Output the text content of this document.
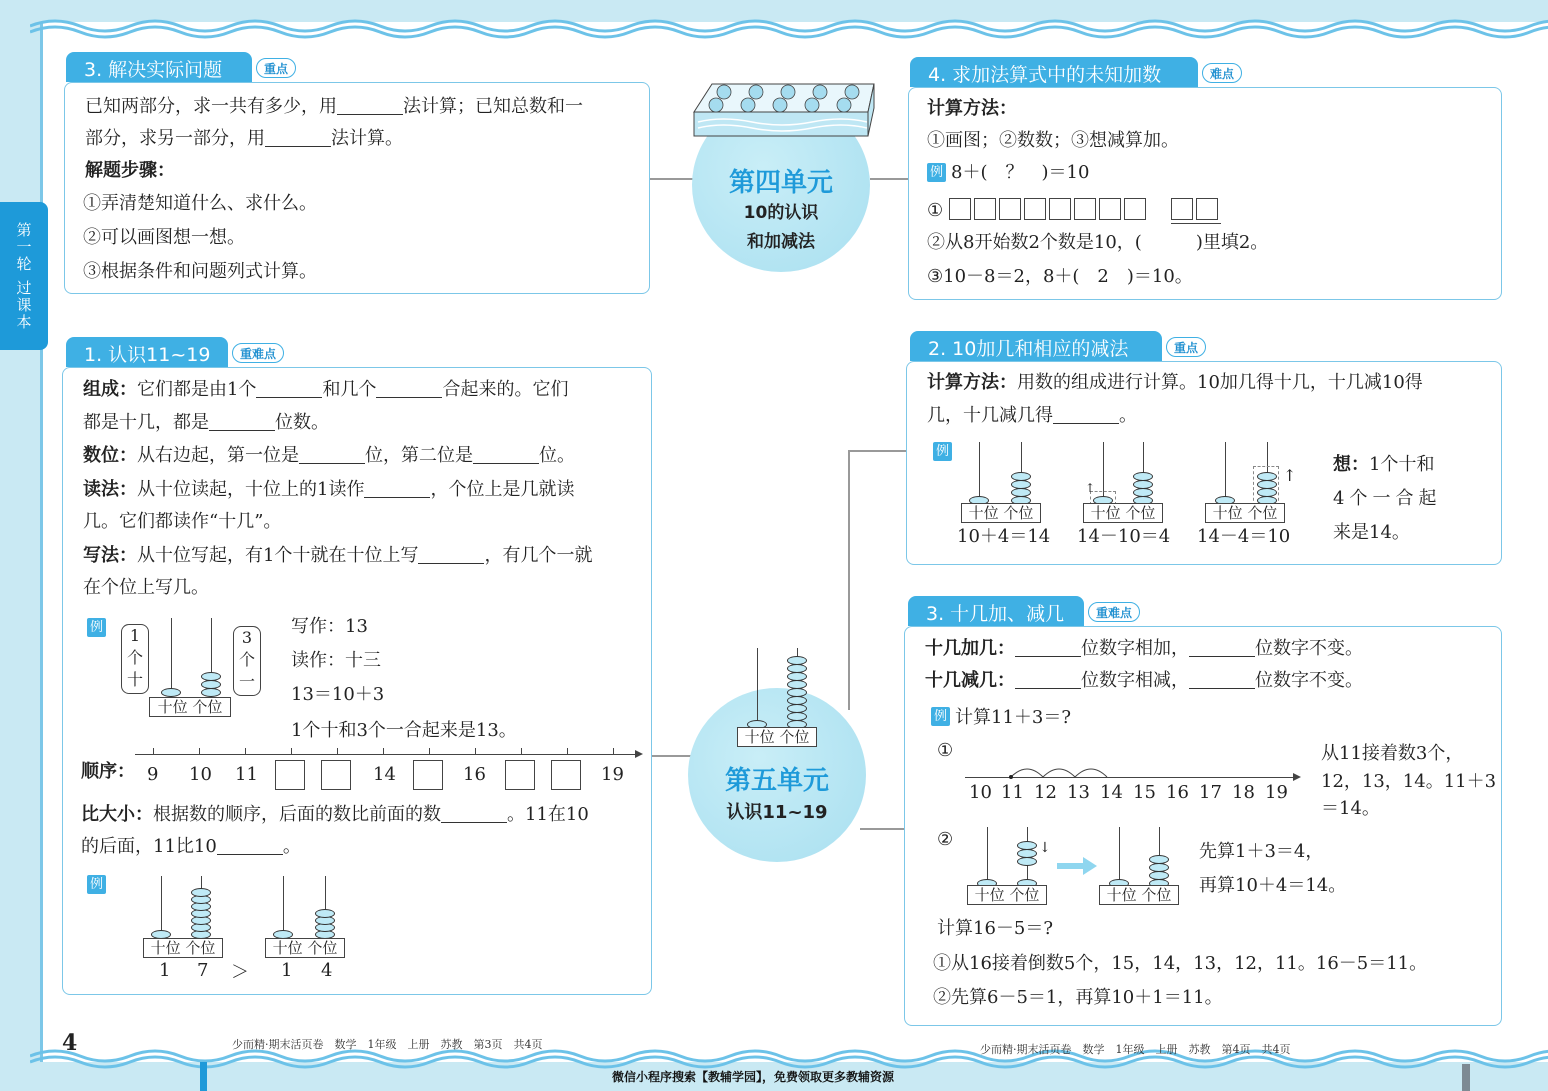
第一轮 过课本
3. 解决实际问题	重点
已知两部分，求一共有多少，用	法计算；已知总数和一
部分，求另一部分，用	法计算。
解题步骤：
①弄清楚知道什么、求什么。
②可以画图想一想。
③根据条件和问题列式计算。
1. 认识11~19	重难点
组成：它们都是由1个	和几个	合起来的。它们
都是十几，都是	位数。
数位：从右边起，第一位是	位，第二位是	位。
读法：从十位读起，十位上的1读作	，个位上是几就读
几。它们都读作“十几”。
写法：从十位写起，有1个十就在十位上写	，有几个一就
在个位上写几。
例	1
个
十
3
个
一
十位 个位
写作：13
读作：十三
13＝10＋3
1个十和3个一合起来是13。
顺序： 9 10 11	14	16	19
比大小：根据数的顺序，后面的数比前面的数	。11在10
的后面，11比10	。
例
十位 个位	十位 个位
1 7 ＞ 1 4
第四单元
10的认识
和加减法
十位 个位
第五单元
认识11~19
4. 求加法算式中的未知加数	难点
计算方法：
①画图；②数数；③想减算加。
例 8＋(　？　)＝10
①
②从8开始数2个数是10，(　　　)里填2。
③10－8＝2，8＋(　2　)＝10。
2. 10加几和相应的减法	重点
计算方法：用数的组成进行计算。10加几得十几，十几减10得
几，十几减几得	。
例
十位 个位
10＋4＝14
↑
十位 个位
14－10＝4
↑
十位 个位
14－4＝10
想：1个十和
4个一合起
来是14。
3. 十几加、减几	重难点
十几加几：	位数字相加，	位数字不变。
十几减几：	位数字相减，	位数字不变。
例 计算11＋3＝?
①
10 11 12 13 14 15 16 17 18 19
从11接着数3个，
12，13，14。11＋3
＝14。
②	↓
十位 个位	十位 个位
先算1＋3＝4，
再算10＋4＝14。
计算16－5＝?
①从16接着倒数5个，15，14，13，12，11。16－5＝11。
②先算6－5＝1，再算10＋1＝11。
4	少而精·期末活页卷　数学　1年级　上册　苏教　第3页　共4页	少而精·期末活页卷　数学　1年级　上册　苏教　第4页　共4页
微信小程序搜索【教辅学园】，免费领取更多教辅资源
